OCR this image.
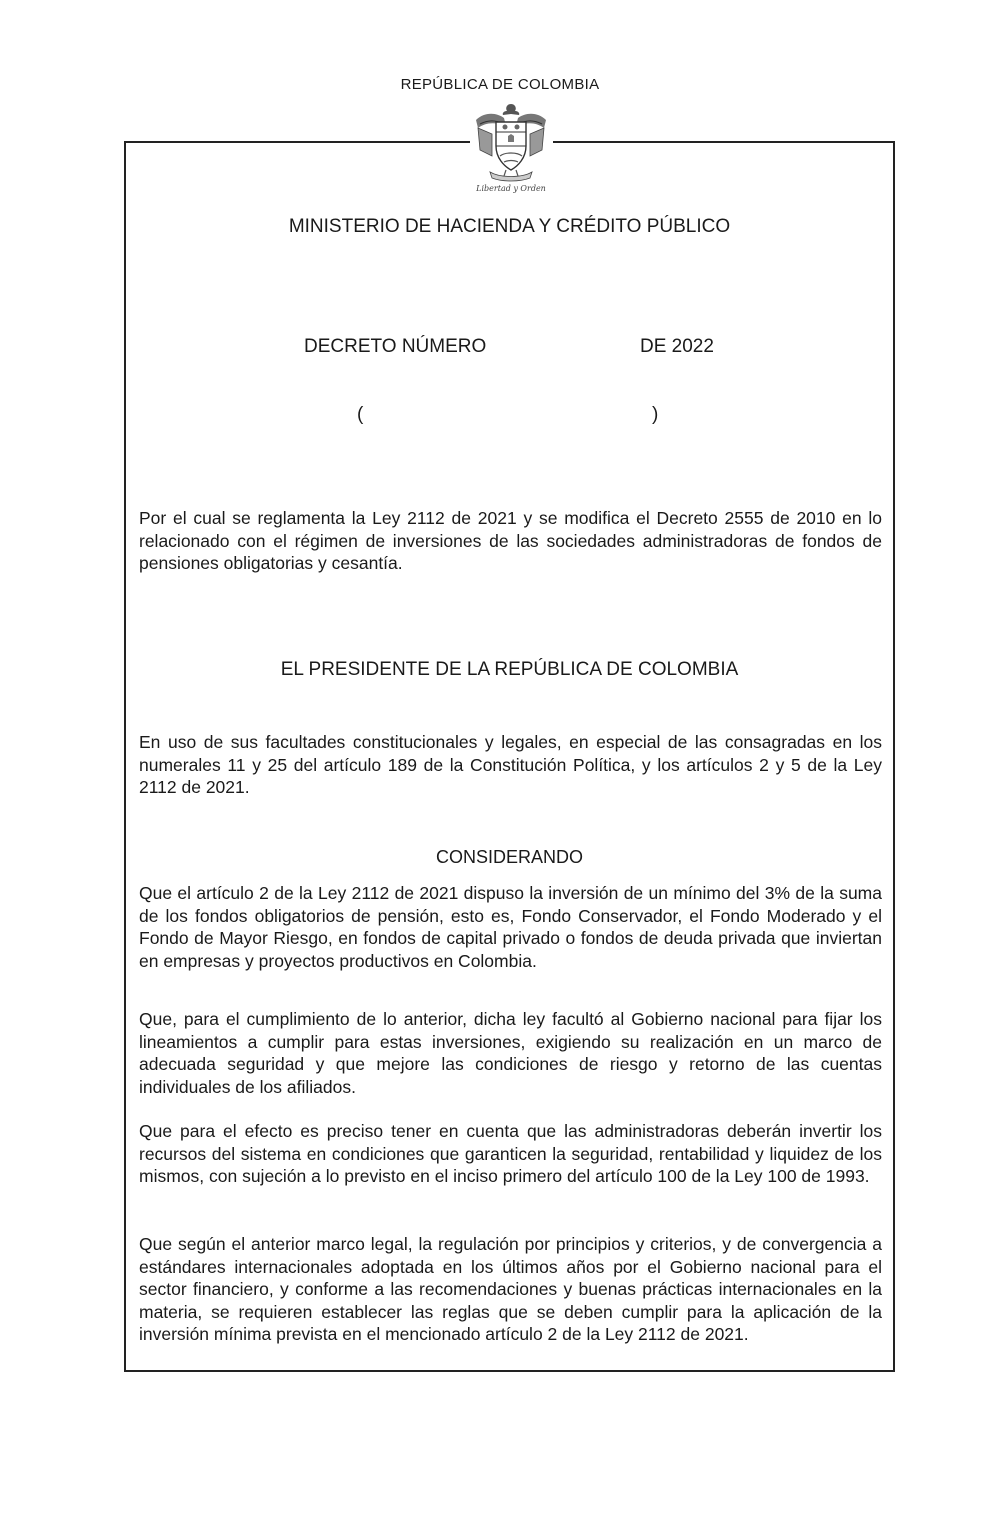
REPÚBLICA DE COLOMBIA
Libertad y Orden
MINISTERIO DE HACIENDA Y CRÉDITO PÚBLICO
DECRETO NÚMERO	DE 2022
(	)

Por el cual se reglamenta la Ley 2112 de 2021 y se modifica el Decreto 2555 de 2010 en lo relacionado con el régimen de inversiones de las sociedades administradoras de fondos de pensiones obligatorias y cesantía.

EL PRESIDENTE DE LA REPÚBLICA DE COLOMBIA

En uso de sus facultades constitucionales y legales, en especial de las consagradas en los numerales 11 y 25 del artículo 189 de la Constitución Política, y los artículos 2 y 5 de la Ley 2112 de 2021.

CONSIDERANDO

Que el artículo 2 de la Ley 2112 de 2021 dispuso la inversión de un mínimo del 3% de la suma de los fondos obligatorios de pensión, esto es, Fondo Conservador, el Fondo Moderado y el Fondo de Mayor Riesgo, en fondos de capital privado o fondos de deuda privada que inviertan en empresas y proyectos productivos en Colombia.

Que, para el cumplimiento de lo anterior, dicha ley facultó al Gobierno nacional para fijar los lineamientos a cumplir para estas inversiones, exigiendo su realización en un marco de adecuada seguridad y que mejore las condiciones de riesgo y retorno de las cuentas individuales de los afiliados.

Que para el efecto es preciso tener en cuenta que las administradoras deberán invertir los recursos del sistema en condiciones que garanticen la seguridad, rentabilidad y liquidez de los mismos, con sujeción a lo previsto en el inciso primero del artículo 100 de la Ley 100 de 1993.

Que según el anterior marco legal, la regulación por principios y criterios, y de convergencia a estándares internacionales adoptada en los últimos años por el Gobierno nacional para el sector financiero, y conforme a las recomendaciones y buenas prácticas internacionales en la materia, se requieren establecer las reglas que se deben cumplir para la aplicación de la inversión mínima prevista en el mencionado artículo 2 de la Ley 2112 de 2021.
